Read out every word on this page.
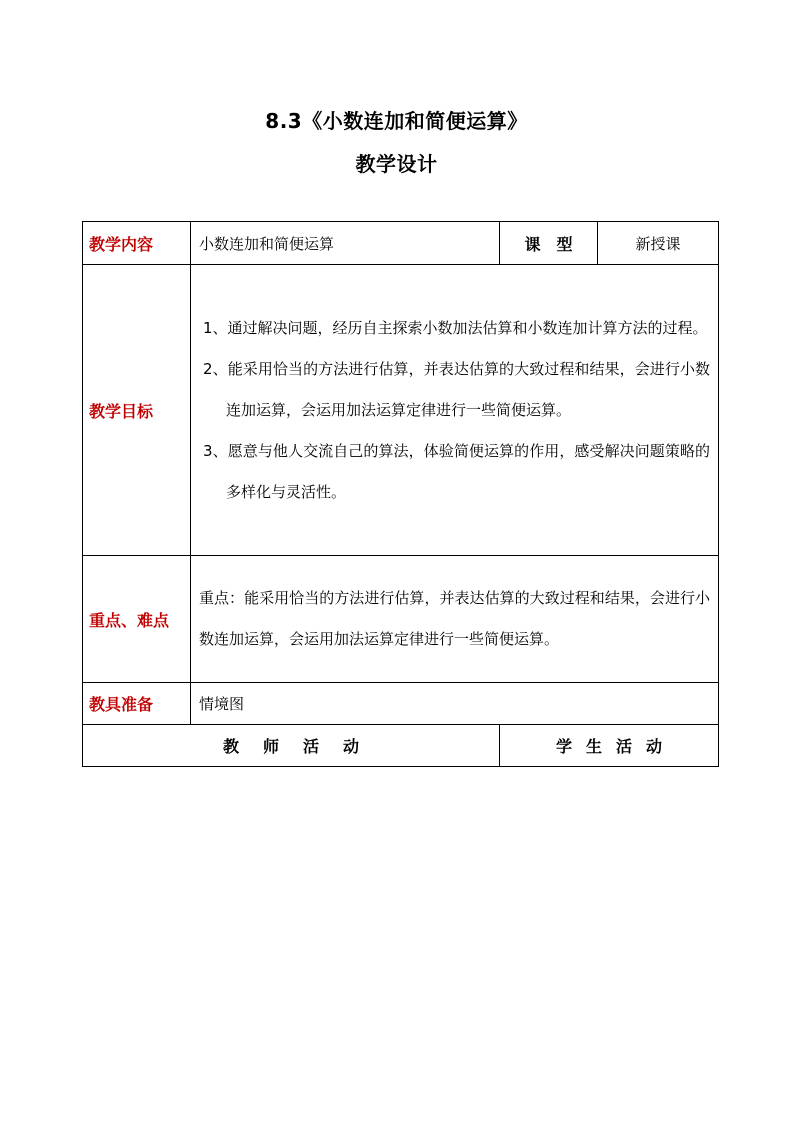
8.3《小数连加和简便运算》
教学设计
教学内容	小数连加和简便运算	课　型	新授课
教学目标	1、通过解决问题，经历自主探索小数加法估算和小数连加计算方法的过程。
2、能采用恰当的方法进行估算，并表达估算的大致过程和结果，会进行小数连加运算，会运用加法运算定律进行一些简便运算。
3、愿意与他人交流自己的算法，体验简便运算的作用，感受解决问题策略的多样化与灵活性。		

重点、难点	重点：能采用恰当的方法进行估算，并表达估算的大致过程和结果，会进行小数连加运算，会运用加法运算定律进行一些简便运算。		
教具准备	情境图		
教师活动		学生活动	
